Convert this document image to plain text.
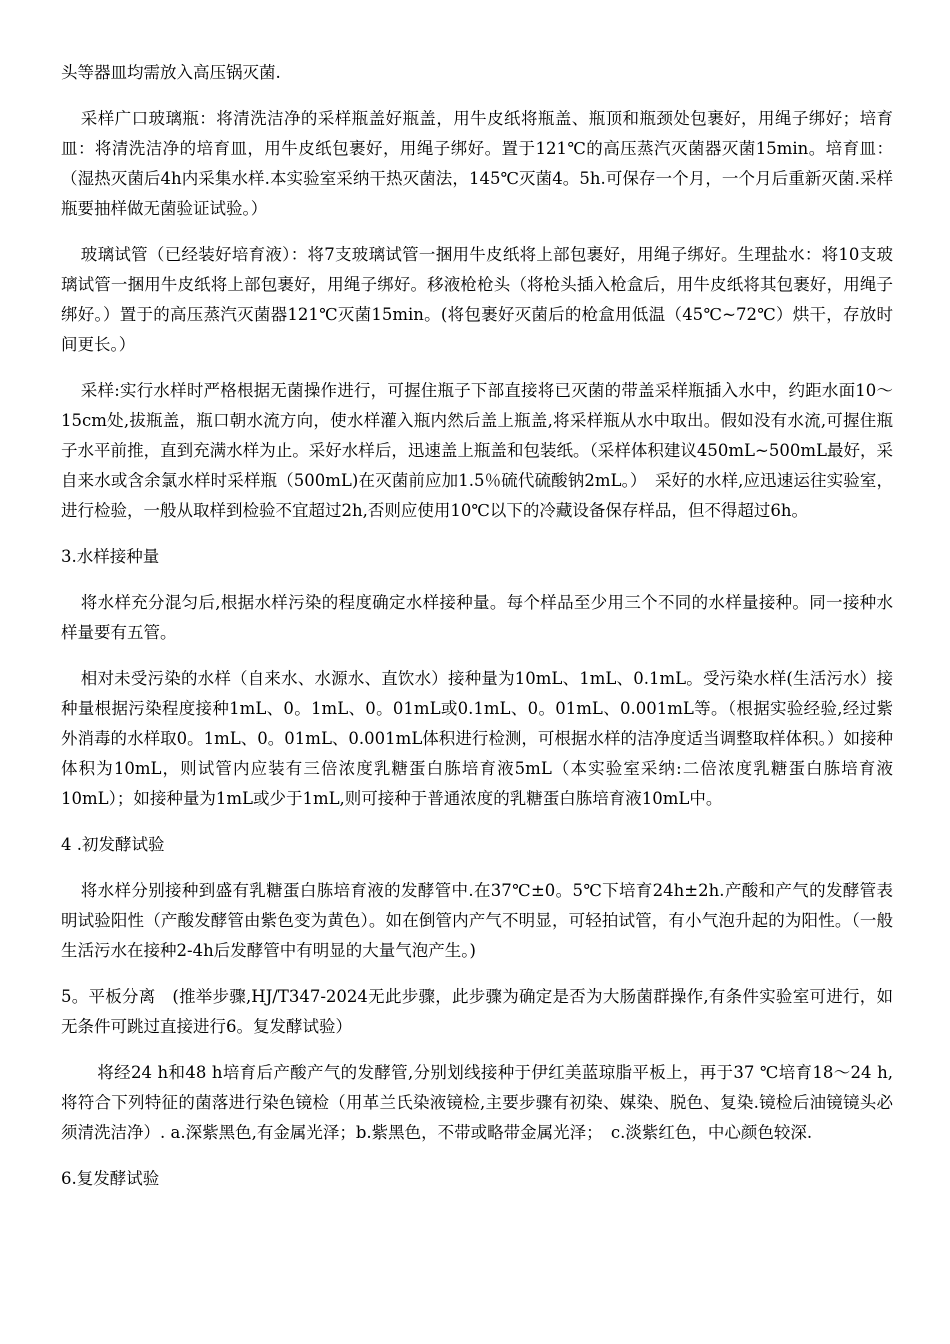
头等器皿均需放入高压锅灭菌.

采样广口玻璃瓶：将清洗洁净的采样瓶盖好瓶盖，用牛皮纸将瓶盖、瓶顶和瓶颈处包裹好，用绳子绑好；培育皿：将清洗洁净的培育皿，用牛皮纸包裹好，用绳子绑好。置于121℃的高压蒸汽灭菌器灭菌15min。培育皿：（湿热灭菌后4h内采集水样.本实验室采纳干热灭菌法，145℃灭菌4。5h.可保存一个月，一个月后重新灭菌.采样瓶要抽样做无菌验证试验。）

玻璃试管（已经装好培育液）：将7支玻璃试管一捆用牛皮纸将上部包裹好，用绳子绑好。生理盐水：将10支玻璃试管一捆用牛皮纸将上部包裹好，用绳子绑好。移液枪枪头（将枪头插入枪盒后，用牛皮纸将其包裹好，用绳子绑好。）置于的高压蒸汽灭菌器121℃灭菌15min。(将包裹好灭菌后的枪盒用低温（45℃~72℃）烘干，存放时间更长。）

采样:实行水样时严格根据无菌操作进行，可握住瓶子下部直接将已灭菌的带盖采样瓶插入水中，约距水面10～15cm处,拔瓶盖，瓶口朝水流方向，使水样灌入瓶内然后盖上瓶盖,将采样瓶从水中取出。假如没有水流,可握住瓶子水平前推，直到充满水样为止。采好水样后，迅速盖上瓶盖和包装纸。（采样体积建议450mL~500mL最好，采自来水或含余氯水样时采样瓶（500mL)在灭菌前应加1.5％硫代硫酸钠2mL。）　采好的水样,应迅速运往实验室，进行检验，一般从取样到检验不宜超过2h,否则应使用10℃以下的冷藏设备保存样品，但不得超过6h。

3.水样接种量

将水样充分混匀后,根据水样污染的程度确定水样接种量。每个样品至少用三个不同的水样量接种。同一接种水样量要有五管。

相对未受污染的水样（自来水、水源水、直饮水）接种量为10mL、1mL、0.1mL。受污染水样(生活污水）接种量根据污染程度接种1mL、0。1mL、0。01mL或0.1mL、0。01mL、0.001mL等。（根据实验经验,经过紫外消毒的水样取0。1mL、0。01mL、0.001mL体积进行检测，可根据水样的洁净度适当调整取样体积。）如接种体积为10mL，则试管内应装有三倍浓度乳糖蛋白胨培育液5mL（本实验室采纳:二倍浓度乳糖蛋白胨培育液10mL）；如接种量为1mL或少于1mL,则可接种于普通浓度的乳糖蛋白胨培育液10mL中。

4 .初发酵试验

将水样分别接种到盛有乳糖蛋白胨培育液的发酵管中.在37℃±0。5℃下培育24h±2h.产酸和产气的发酵管表明试验阳性（产酸发酵管由紫色变为黄色）。如在倒管内产气不明显，可轻拍试管，有小气泡升起的为阳性。（一般生活污水在接种2-4h后发酵管中有明显的大量气泡产生。)

5。平板分离　(推举步骤,HJ/T347-2024无此步骤，此步骤为确定是否为大肠菌群操作,有条件实验室可进行，如无条件可跳过直接进行6。复发酵试验）

将经24 h和48 h培育后产酸产气的发酵管,分别划线接种于伊红美蓝琼脂平板上，再于37 ℃培育18～24 h,将符合下列特征的菌落进行染色镜检（用革兰氏染液镜检,主要步骤有初染、媒染、脱色、复染.镜检后油镜镜头必须清洗洁净）. a.深紫黑色,有金属光泽；b.紫黑色，不带或略带金属光泽；　c.淡紫红色，中心颜色较深.

6.复发酵试验
